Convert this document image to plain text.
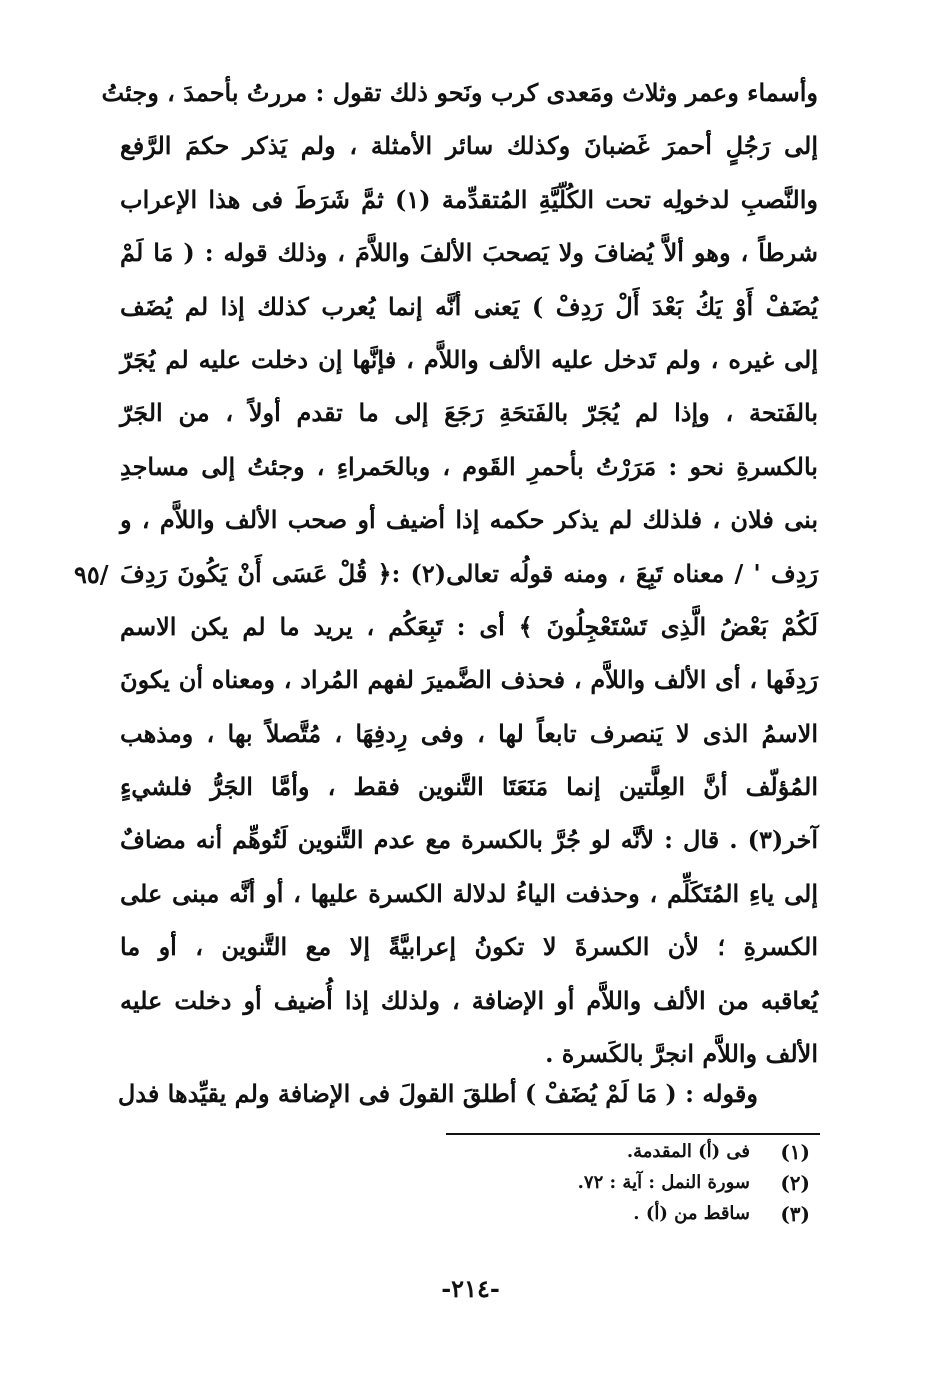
وأسماء وعمر وثلاث ومَعدى كرب ونَحو ذلك تقول : مررتُ بأحمدَ ، وجئتُ
إلى رَجُلٍ أحمرَ غَضبانَ وكذلك سائر الأمثلة ، ولم يَذكر حكمَ الرَّفع
والنَّصبِ لدخولِه تحت الكُلّيَّةِ المُتقدِّمة (١) ثمَّ شَرَطَ فى هذا الإعراب
شرطاً ، وهو ألاَّ يُضافَ ولا يَصحبَ الألفَ واللاَّمَ ، وذلك قوله : ( مَا لَمْ
يُضَفْ أَوْ يَكُ بَعْدَ أَلْ رَدِفْ ) يَعنى أنَّه إنما يُعرب كذلك إذا لم يُضَف
إلى غيره ، ولم تَدخل عليه الألف واللاَّم ، فإنَّها إن دخلت عليه لم يُجَرّ
بالفَتحة ، وإذا لم يُجَرّ بالفَتحَةِ رَجَعَ إلى ما تقدم أولاً ، من الجَرّ
بالكسرةِ نحو : مَرَرْتُ بأحمرِ القَوم ، وبالحَمراءِ ، وجئتُ إلى مساجدِ
بنى فلان ، فلذلك لم يذكر حكمه إذا أضيف أو صحب الألف واللاَّم ، و
رَدِف ' / معناه تَبِعَ ، ومنه قولُه تعالى(٢) :﴿ قُلْ عَسَى أَنْ يَكُونَ رَدِفَ
لَكُمْ بَعْضُ الَّذِى تَسْتَعْجِلُونَ ﴾ أى : تَبِعَكُم ، يريد ما لم يكن الاسم
رَدِفَها ، أى الألف واللاَّم ، فحذف الضَّميرَ لفهم المُراد ، ومعناه أن يكونَ
الاسمُ الذى لا يَنصرف تابعاً لها ، وفى رِدفِهَا ، مُتَّصلاً بها ، ومذهب
المُؤلّف أنَّ العِلَّتين إنما مَنَعَتَا التَّنوين فقط ، وأمَّا الجَرُّ فلشيءٍ
آخر(٣) . قال : لأنَّه لو جُرَّ بالكسرة مع عدم التَّنوين لَتُوهِّم أنه مضافٌ
إلى ياءِ المُتَكَلِّم ، وحذفت الياءُ لدلالة الكسرة عليها ، أو أنَّه مبنى على
الكسرةِ ؛ لأن الكسرةَ لا تكونُ إعرابيَّةً إلا مع التَّنوين ، أو ما
يُعاقبه من الألف واللاَّم أو الإضافة ، ولذلك إذا أُضيف أو دخلت عليه
الألف واللاَّم انجرَّ بالكَسرة .
٩٥/
وقوله : ( مَا لَمْ يُضَفْ ) أطلقَ القولَ فى الإضافة ولم يقيِّدها فدل
(١)
فى (أ) المقدمة.
(٢)
سورة النمل : آية : ٧٢.
(٣)
ساقط من (أ) .
-٢١٤-
